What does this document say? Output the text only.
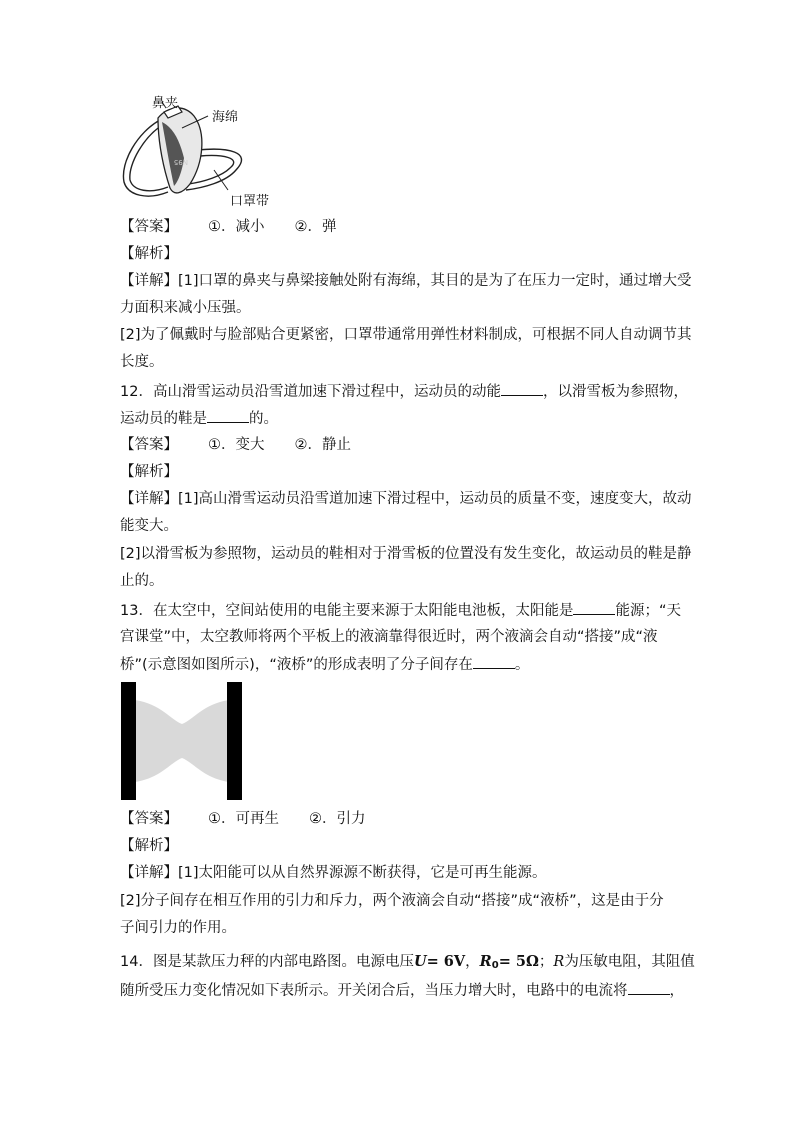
N95
鼻夹
海绵
口罩带
【答案】 ①．减小 ②．弹
【解析】
【详解】[1]口罩的鼻夹与鼻梁接触处附有海绵，其目的是为了在压力一定时，通过增大受
力面积来减小压强。
[2]为了佩戴时与脸部贴合更紧密，口罩带通常用弹性材料制成，可根据不同人自动调节其
长度。
12．高山滑雪运动员沿雪道加速下滑过程中，运动员的动能	，以滑雪板为参照物，
运动员的鞋是	的。
【答案】 ①．变大 ②．静止
【解析】
【详解】[1]高山滑雪运动员沿雪道加速下滑过程中，运动员的质量不变，速度变大，故动
能变大。
[2]以滑雪板为参照物，运动员的鞋相对于滑雪板的位置没有发生变化，故运动员的鞋是静
止的。
13．在太空中，空间站使用的电能主要来源于太阳能电池板，太阳能是	能源；“天
宫课堂”中，太空教师将两个平板上的液滴靠得很近时，两个液滴会自动“搭接”成“液
桥”(示意图如图所示)，“液桥”的形成表明了分子间存在	。
【答案】 ①．可再生 ②．引力
【解析】
【详解】[1]太阳能可以从自然界源源不断获得，它是可再生能源。
[2]分子间存在相互作用的引力和斥力，两个液滴会自动“搭接”成“液桥”，这是由于分
子间引力的作用。
14．图是某款压力秤的内部电路图。电源电压U= 6V，$R_0= 5\Omega$；R为压敏电阻，其阻值
随所受压力变化情况如下表所示。开关闭合后，当压力增大时，电路中的电流将	，
